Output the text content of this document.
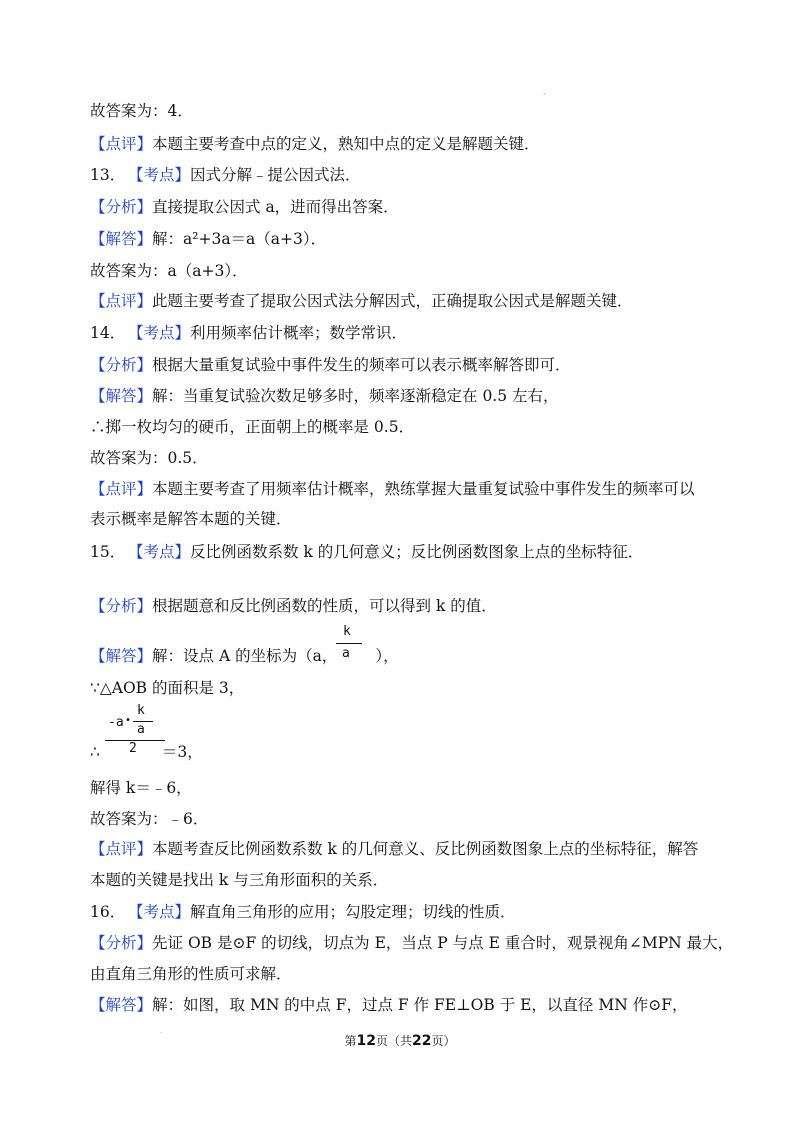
·
故答案为：4．
【点评】本题主要考查中点的定义，熟知中点的定义是解题关键．
13． 【考点】因式分解﹣提公因式法．
【分析】直接提取公因式 a，进而得出答案．
【解答】解：a²+3a＝a（a+3）．
故答案为：a（a+3）．
【点评】此题主要考查了提取公因式法分解因式，正确提取公因式是解题关键．
14． 【考点】利用频率估计概率；数学常识．
【分析】根据大量重复试验中事件发生的频率可以表示概率解答即可．
【解答】解：当重复试验次数足够多时，频率逐渐稳定在 0.5 左右，
∴掷一枚均匀的硬币，正面朝上的概率是 0.5．
故答案为：0.5．
【点评】本题主要考查了用频率估计概率，熟练掌握大量重复试验中事件发生的频率可以
表示概率是解答本题的关键．
15． 【考点】反比例函数系数 k 的几何意义；反比例函数图象上点的坐标特征．
【分析】根据题意和反比例函数的性质，可以得到 k 的值．
【解答】解：设点 A 的坐标为（a， ），
k
a
∵△AOB 的面积是 3，
-a •
k
a
2
∴	＝3，
解得 k＝﹣6，
故答案为：﹣6．
【点评】本题考查反比例函数系数 k 的几何意义、反比例函数图象上点的坐标特征，解答
本题的关键是找出 k 与三角形面积的关系．
16． 【考点】解直角三角形的应用；勾股定理；切线的性质．
【分析】先证 OB 是⊙F 的切线，切点为 E，当点 P 与点 E 重合时，观景视角∠MPN 最大，
由直角三角形的性质可求解．
【解答】解：如图，取 MN 的中点 F，过点 F 作 FE⊥OB 于 E，以直径 MN 作⊙F，
·
第12页（共22页）
